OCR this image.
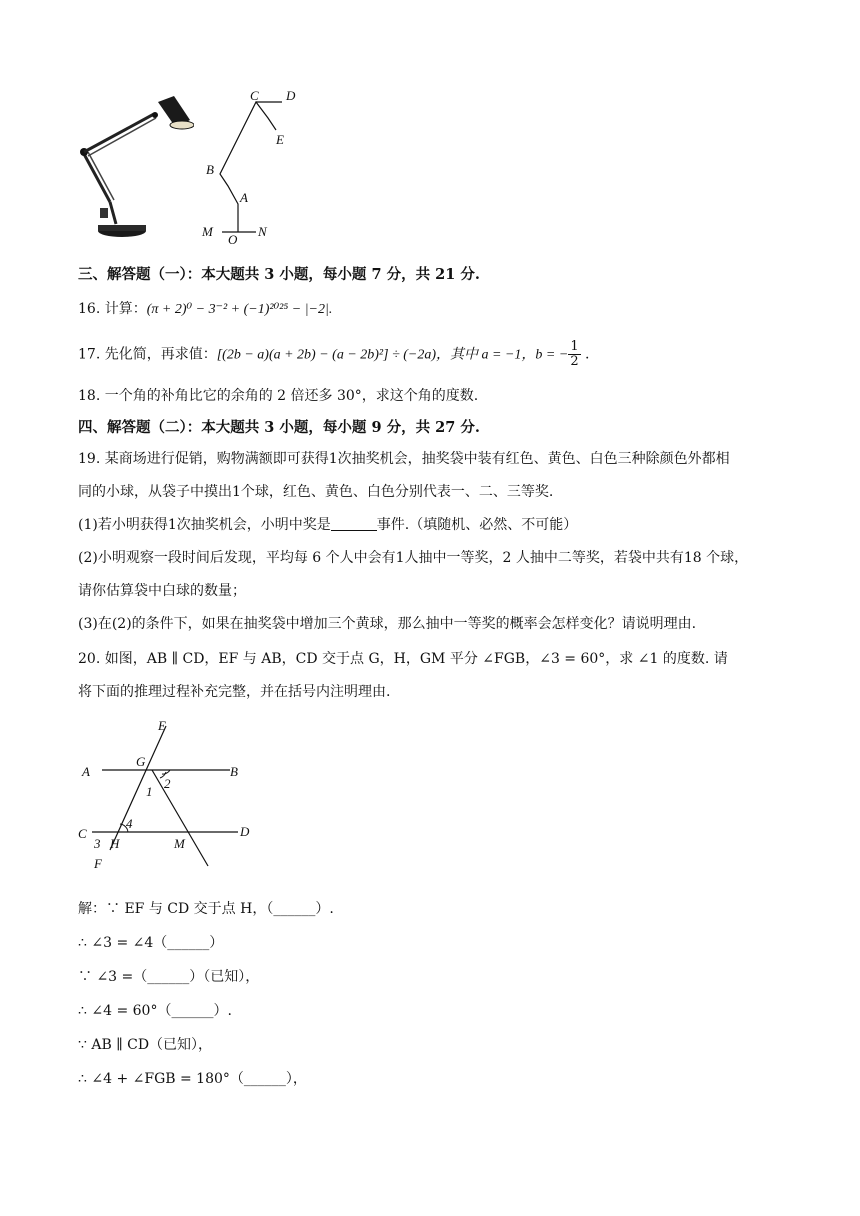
C D
E
B
A
M
O
N
三、解答题（一）：本大题共 3 小题，每小题 7 分，共 21 分.
16. 计算：(π + 2)⁰ − 3⁻² + (−1)²⁰²⁵ − |−2|.
17. 先化简，再求值：[(2b − a)(a + 2b) − (a − 2b)²] ÷ (−2a)，其中 a = −1，b = − $\frac{1}{2}$ .
18. 一个角的补角比它的余角的 2 倍还多 30°，求这个角的度数.
四、解答题（二）：本大题共 3 小题，每小题 9 分，共 27 分.
19. 某商场进行促销，购物满额即可获得1次抽奖机会，抽奖袋中装有红色、黄色、白色三种除颜色外都相
同的小球，从袋子中摸出1个球，红色、黄色、白色分别代表一、二、三等奖.
(1)若小明获得1次抽奖机会，小明中奖是	事件.（填随机、必然、不可能）
(2)小明观察一段时间后发现，平均每 6 个人中会有1人抽中一等奖，2 人抽中二等奖，若袋中共有18 个球，
请你估算袋中白球的数量；
(3)在(2)的条件下，如果在抽奖袋中增加三个黄球，那么抽中一等奖的概率会怎样变化？请说明理由.
20. 如图，AB ∥ CD，EF 与 AB，CD 交于点 G，H，GM 平分 ∠FGB，∠3 = 60°，求 ∠1 的度数. 请
将下面的推理过程补充完整，并在括号内注明理由.
E
A
G
B
2
1
C
4
D
3 H	M
F
解：∵ EF 与 CD 交于点 H，（______）.
∴ ∠3 = ∠4（______）
∵ ∠3 =（______）（已知），
∴ ∠4 = 60°（______）.
∵ AB ∥ CD（已知），
∴ ∠4 + ∠FGB = 180°（______），
